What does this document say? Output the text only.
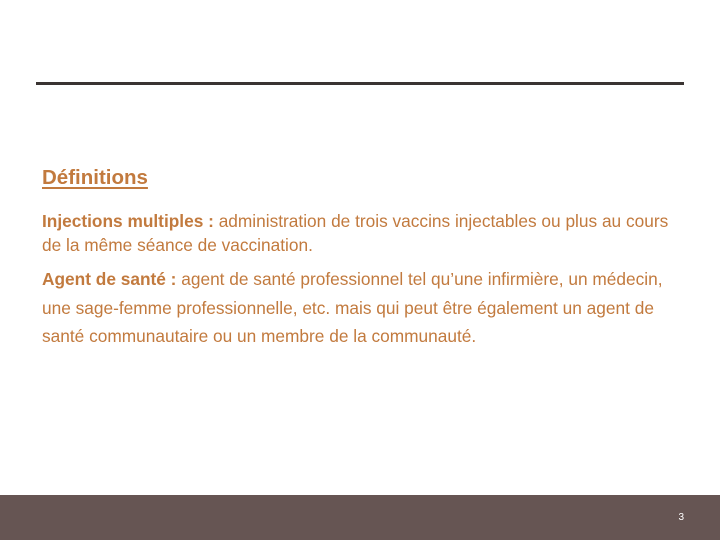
Définitions

Injections multiples : administration de trois vaccins injectables ou plus au cours de la même séance de vaccination.

Agent de santé : agent de santé professionnel tel qu’une infirmière, un médecin, une sage-femme professionnelle, etc. mais qui peut être également un agent de santé communautaire ou un membre de la communauté.

3
